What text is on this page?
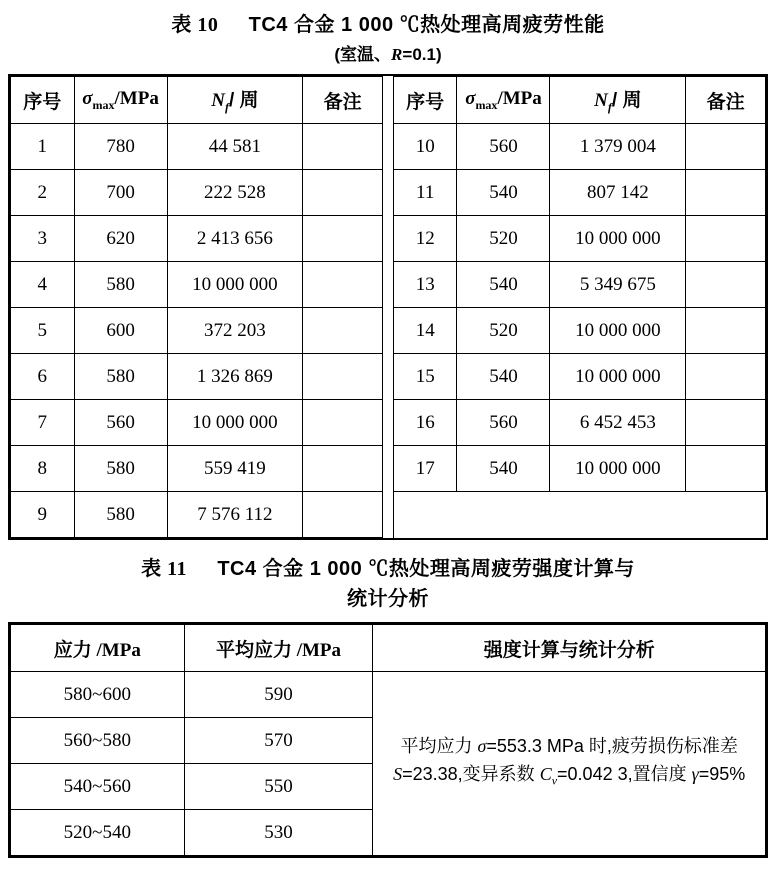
表 10 TC4 合金 1 000 ℃热处理高周疲劳性能
(室温、R=0.1)
序号	$\sigma_{max}$/MPa	$N_f/$ 周	备注		序号	$\sigma_{max}$/MPa	$N_f/$ 周	备注
1	780	44 581			10	560	1 379 004	
2	700	222 528			11	540	807 142	
3	620	2 413 656			12	520	10 000 000	
4	580	10 000 000			13	540	5 349 675	
5	600	372 203			14	520	10 000 000	
6	580	1 326 869			15	540	10 000 000	
7	560	10 000 000			16	560	6 452 453	
8	580	559 419			17	540	10 000 000	
9	580	7 576 112						
表 11 TC4 合金 1 000 ℃热处理高周疲劳强度计算与
统计分析
应力 /MPa	平均应力 /MPa	强度计算与统计分析
580~600	590	平均应力 σ=553.3 MPa 时,疲劳损伤标准差 S=23.38,变异系数 $C_v=0.042$ 3,置信度 γ=95%
560~580	570	
540~560	550	
520~540	530	
